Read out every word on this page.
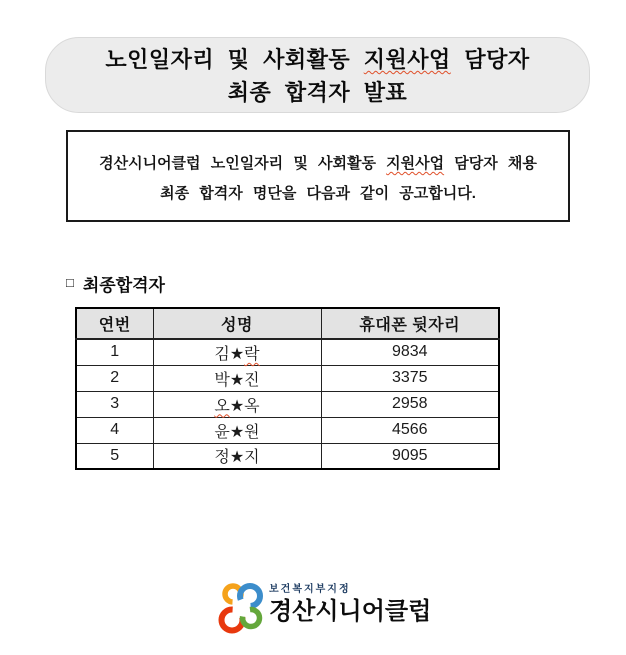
노인일자리 및 사회활동 지원사업 담당자
최종 합격자 발표
경산시니어클럽 노인일자리 및 사회활동 지원사업 담당자 채용
최종 합격자 명단을 다음과 같이 공고합니다.
□ 최종합격자
연번	성명	휴대폰 뒷자리
1	김★락	9834
2	박★진	3375
3	오★옥	2958
4	윤★원	4566
5	정★지	9095
보건복지부지정
경산시니어클럽
